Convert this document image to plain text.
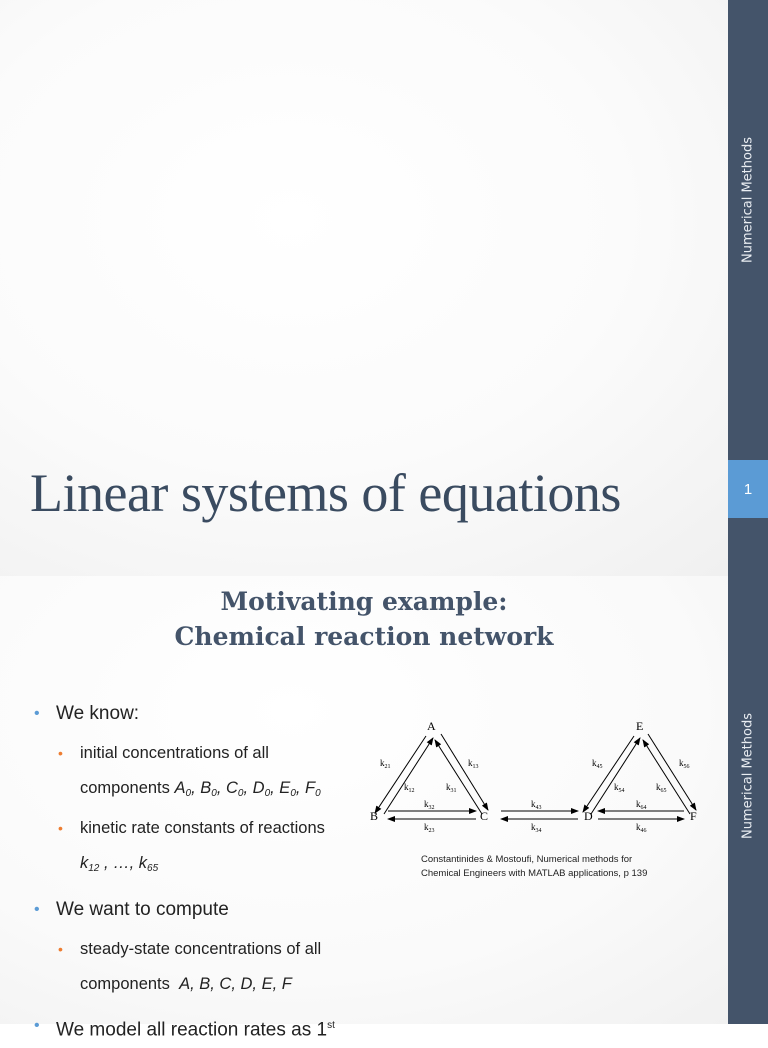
Linear systems of equations
Numerical Methods
1
Numerical Methods
Motivating example:
Chemical reaction network
• We know:
• initial concentrations of all
components $A_0$, $B_0$, $C_0$, $D_0$, $E_0$, $F_0$
• kinetic rate constants of reactions
$k_{12}$ , …, $k_{65}$
• We want to compute
• steady-state concentrations of all
components A, B, C, D, E, F
• We model all reaction rates as 1st
A
B	C	D
E
F
$k_{21}$
$k_{12}$
$k_{13}$
$k_{31}$
$k_{32}$
$k_{23}$
$k_{43}$
$k_{34}$
$k_{45}$
$k_{54}$
$k_{56}$
$k_{65}$
$k_{64}$
$k_{46}$
Constantinides & Mostoufi, Numerical methods for
Chemical Engineers with MATLAB applications, p 139
